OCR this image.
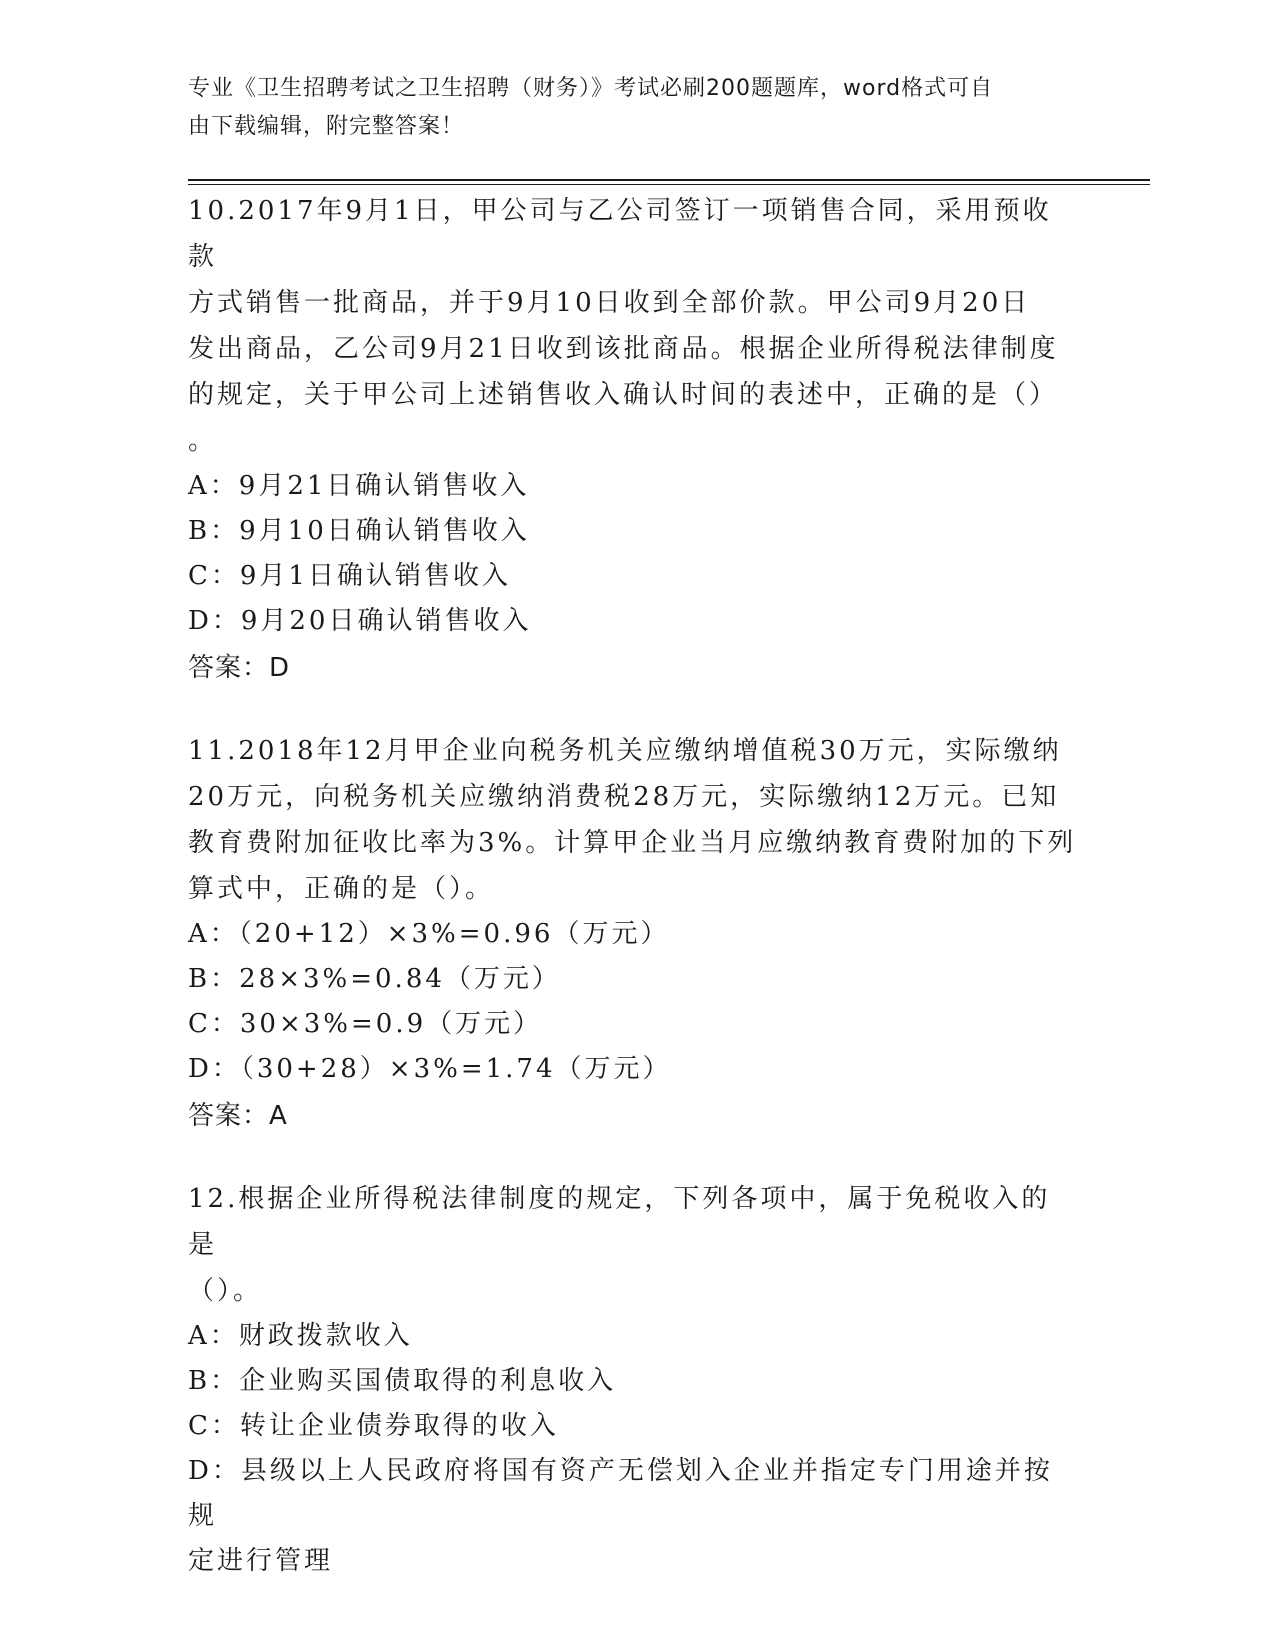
专业《卫生招聘考试之卫生招聘（财务）》考试必刷200题题库，word格式可自
由下载编辑，附完整答案！

10.2017年9月1日，甲公司与乙公司签订一项销售合同，采用预收款

方式销售一批商品，并于9月10日收到全部价款。甲公司9月20日

发出商品，乙公司9月21日收到该批商品。根据企业所得税法律制度

的规定，关于甲公司上述销售收入确认时间的表述中，正确的是（）

。

A：9月21日确认销售收入

B：9月10日确认销售收入

C：9月1日确认销售收入

D：9月20日确认销售收入

答案：D

11.2018年12月甲企业向税务机关应缴纳增值税30万元，实际缴纳

20万元，向税务机关应缴纳消费税28万元，实际缴纳12万元。已知

教育费附加征收比率为3%。计算甲企业当月应缴纳教育费附加的下列

算式中，正确的是（）。

A：（20+12）×3%=0.96（万元）

B：28×3%=0.84（万元）

C：30×3%=0.9（万元）

D：（30+28）×3%=1.74（万元）

答案：A

12.根据企业所得税法律制度的规定，下列各项中，属于免税收入的是

（）。

A：财政拨款收入

B：企业购买国债取得的利息收入

C：转让企业债券取得的收入

D：县级以上人民政府将国有资产无偿划入企业并指定专门用途并按规

定进行管理
